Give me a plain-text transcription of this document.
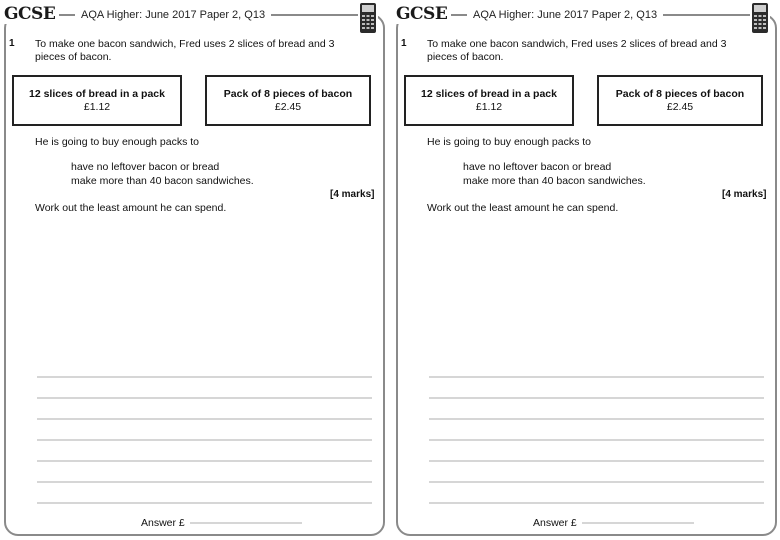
GCSE	AQA Higher: June 2017 Paper 2, Q13
1 To make one bacon sandwich, Fred uses 2 slices of bread and 3 pieces of bacon.
12 slices of bread in a pack
£1.12
Pack of 8 pieces of bacon
£2.45
He is going to buy enough packs to
have no leftover bacon or bread
make more than 40 bacon sandwiches.
[4 marks]
Work out the least amount he can spend.
Answer £
GCSE	AQA Higher: June 2017 Paper 2, Q13
1 To make one bacon sandwich, Fred uses 2 slices of bread and 3 pieces of bacon.
12 slices of bread in a pack
£1.12
Pack of 8 pieces of bacon
£2.45
He is going to buy enough packs to
have no leftover bacon or bread
make more than 40 bacon sandwiches.
[4 marks]
Work out the least amount he can spend.
Answer £
